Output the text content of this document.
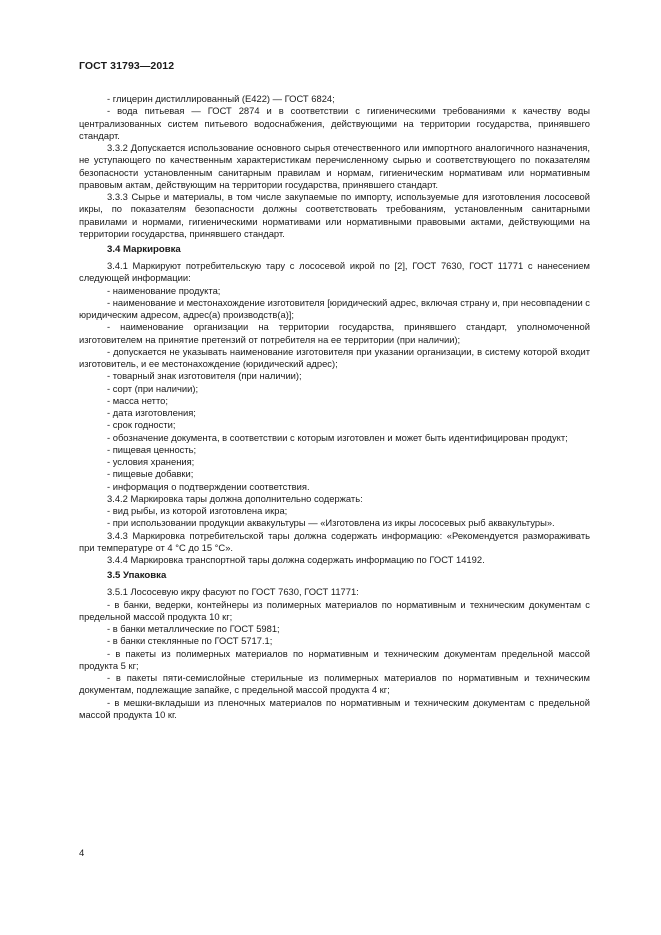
ГОСТ 31793—2012

- глицерин дистиллированный (Е422) — ГОСТ 6824;

- вода питьевая — ГОСТ 2874 и в соответствии с гигиеническими требованиями к качеству воды централизованных систем питьевого водоснабжения, действующими на территории государства, принявшего стандарт.

3.3.2 Допускается использование основного сырья отечественного или импортного аналогичного назначения, не уступающего по качественным характеристикам перечисленному сырью и соответствующего по показателям безопасности установленным санитарным правилам и нормам, гигиеническим нормативам или нормативным правовым актам, действующим на территории государства, принявшего стандарт.

3.3.3 Сырье и материалы, в том числе закупаемые по импорту, используемые для изготовления лососевой икры, по показателям безопасности должны соответствовать требованиям, установленным санитарными правилами и нормами, гигиеническими нормативами или нормативными правовыми актами, действующими на территории государства, принявшего стандарт.

3.4 Маркировка

3.4.1 Маркируют потребительскую тару с лососевой икрой по [2], ГОСТ 7630, ГОСТ 11771 с нанесением следующей информации:

- наименование продукта;

- наименование и местонахождение изготовителя [юридический адрес, включая страну и, при несовпадении с юридическим адресом, адрес(а) производств(а)];

- наименование организации на территории государства, принявшего стандарт, уполномоченной изготовителем на принятие претензий от потребителя на ее территории (при наличии);

- допускается не указывать наименование изготовителя при указании организации, в систему которой входит изготовитель, и ее местонахождение (юридический адрес);

- товарный знак изготовителя (при наличии);

- сорт (при наличии);

- масса нетто;

- дата изготовления;

- срок годности;

- обозначение документа, в соответствии с которым изготовлен и может быть идентифицирован продукт;

- пищевая ценность;

- условия хранения;

- пищевые добавки;

- информация о подтверждении соответствия.

3.4.2 Маркировка тары должна дополнительно содержать:

- вид рыбы, из которой изготовлена икра;

- при использовании продукции аквакультуры — «Изготовлена из икры лососевых рыб аквакультуры».

3.4.3 Маркировка потребительской тары должна содержать информацию: «Рекомендуется размораживать при температуре от 4 °С до 15 °С».

3.4.4 Маркировка транспортной тары должна содержать информацию по ГОСТ 14192.

3.5 Упаковка

3.5.1 Лососевую икру фасуют по ГОСТ 7630, ГОСТ 11771:

- в банки, ведерки, контейнеры из полимерных материалов по нормативным и техническим документам с предельной массой продукта 10 кг;

- в банки металлические по ГОСТ 5981;

- в банки стеклянные по ГОСТ 5717.1;

- в пакеты из полимерных материалов по нормативным и техническим документам предельной массой продукта 5 кг;

- в пакеты пяти-семислойные стерильные из полимерных материалов по нормативным и техническим документам, подлежащие запайке, с предельной массой продукта 4 кг;

- в мешки-вкладыши из пленочных материалов по нормативным и техническим документам с предельной массой продукта 10 кг.

4
